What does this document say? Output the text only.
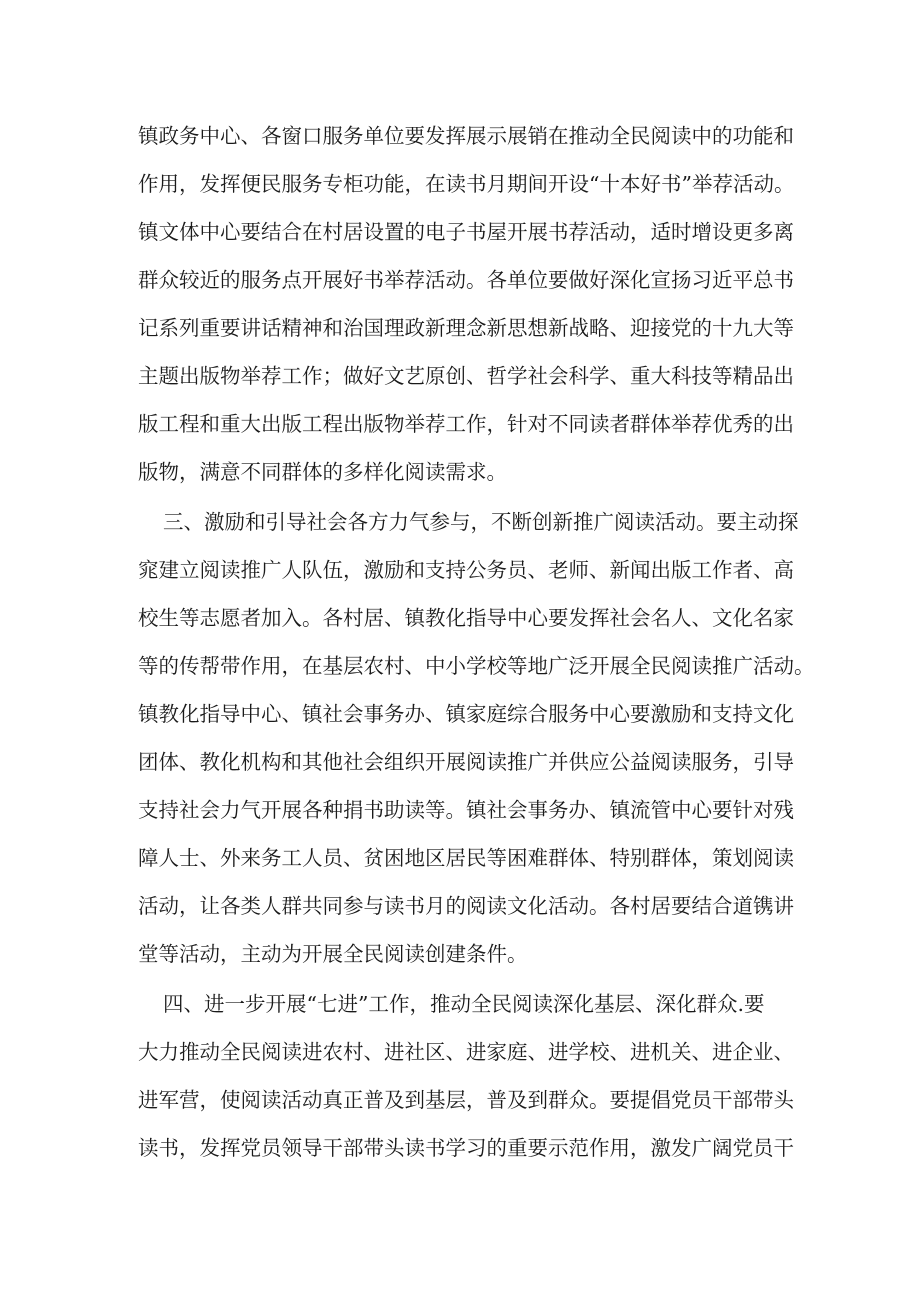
镇政务中心、各窗口服务单位要发挥展示展销在推动全民阅读中的功能和
作用，发挥便民服务专柜功能，在读书月期间开设“十本好书”举荐活动。
镇文体中心要结合在村居设置的电子书屋开展书荐活动，适时增设更多离
群众较近的服务点开展好书举荐活动。各单位要做好深化宣扬习近平总书
记系列重要讲话精神和治国理政新理念新思想新战略、迎接党的十九大等
主题出版物举荐工作；做好文艺原创、哲学社会科学、重大科技等精品出
版工程和重大出版工程出版物举荐工作，针对不同读者群体举荐优秀的出
版物，满意不同群体的多样化阅读需求。
三、激励和引导社会各方力气参与，不断创新推广阅读活动。要主动探
窕建立阅读推广人队伍，激励和支持公务员、老师、新闻出版工作者、高
校生等志愿者加入。各村居、镇教化指导中心要发挥社会名人、文化名家
等的传帮带作用，在基层农村、中小学校等地广泛开展全民阅读推广活动。
镇教化指导中心、镇社会事务办、镇家庭综合服务中心要激励和支持文化
团体、教化机构和其他社会组织开展阅读推广并供应公益阅读服务，引导
支持社会力气开展各种捐书助读等。镇社会事务办、镇流管中心要针对残
障人士、外来务工人员、贫困地区居民等困难群体、特别群体，策划阅读
活动，让各类人群共同参与读书月的阅读文化活动。各村居要结合道镌讲
堂等活动，主动为开展全民阅读创建条件。
四、进一步开展“七进”工作，推动全民阅读深化基层、深化群众.要
大力推动全民阅读进农村、进社区、进家庭、进学校、进机关、进企业、
进军营，使阅读活动真正普及到基层，普及到群众。要提倡党员干部带头
读书，发挥党员领导干部带头读书学习的重要示范作用，激发广阔党员干
